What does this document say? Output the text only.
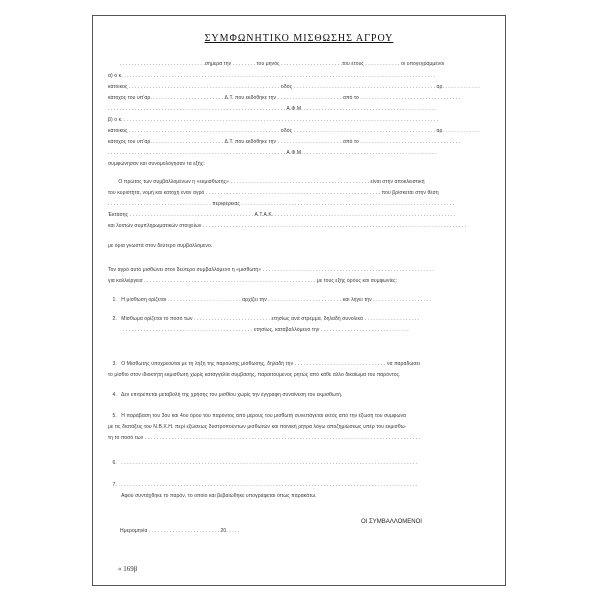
ΣΥΜΦΩΝΗΤΙΚΟ ΜΙΣΘΩΣΗΣ ΑΓΡΟΥ
. . . . . . . . . . . . . . . . . . . . . . . . . . . . .σήμερα την . . . . . . . . του μηνός . . . . . . . . . . . . . . . . . . . . .του έτους . . . . . . . . . . . . οι υπογεγραμμένοι
α) ο κ. . . . . . . . . . . . . . . . . . . . . . . . . . . . . . . . . . . . . . . . . . . . . . . . . . . . . . . . . . . . . . . . . . . . . . . . . . . . . . . . . . . . . . . . . . . . . . . . . . . . . . . . . .
κάτοικος . . . . . . . . . . . . . . . . . . . . . . . . . . . . . . . . . . . . . . . . . . . . . . . . . . . οδός . . . . . . . . . . . . . . . . . . . . . . . . . . . . . . . . . . . . . . . . . . . . . . . . αρ. . . . . . . . . . . . .
κάτοχος του υπ'αρ. . . . . . . . . . . . . . . . . . . . . . . . . Δ.Τ. που εκδόθηκε την . . . . . . . . . . . . . . . . . . . . . . από το . . . . . . . . . . . . . . . . . . . . . . . . . . . . . . . . . .
. . . . . . . . . . . . . . . . . . . . . . . . . . . . . . . . . . . . . . . . . . . . . . . . . . . . . . . . . . . . Α.Φ.Μ. . . . . . . . . . . . . . . . . . . . . . . . . . . . . . . . . . . . . . . . . . . . . .
β) ο κ. . . . . . . . . . . . . . . . . . . . . . . . . . . . . . . . . . . . . . . . . . . . . . . . . . . . . . . . . . . . . . . . . . . . . . . . . . . . . . . . . . . . . . . . . . . . . . . . . . . . . . . . . . .
κάτοικος . . . . . . . . . . . . . . . . . . . . . . . . . . . . . . . . . . . . . . . . . . . . . . . . . . . οδός . . . . . . . . . . . . . . . . . . . . . . . . . . . . . . . . . . . . . . . . . . . . . . . . αρ. . . . . . . . . . . . .
κάτοχος του υπ'αρ. . . . . . . . . . . . . . . . . . . . . . . . . Δ.Τ. που εκδόθηκε την . . . . . . . . . . . . . . . . . . . . . . από το . . . . . . . . . . . . . . . . . . . . . . . . . . . . . . . . . .
. . . . . . . . . . . . . . . . . . . . . . . . . . . . . . . . . . . . . . . . . . . . . . . . . . . . . . . . . . . . Α.Φ.Μ. . . . . . . . . . . . . . . . . . . . . . . . . . . . . . . . . . . . . . . . . . . . . .
συμφώνησαν και συνομολόγησαν τα εξής:
Ο πρώτος των συμβαλλομένων η «εκμισθωτής» . . . . . . . . . . . . . . . . . . . . . . . . . . . . . . . . . . . . . . . . . . . . . . . είναι στην αποκλειστική
του κυριότητα, νομή και κατοχή έναν αγρό . . . . . . . . . . . . . . . . . . . . . . . . . . . . . . . . . . . . . . . . . . . . . . . . . . . . . . . . . . . που βρίσκεται στην θέση
. . . . . . . . . . . . . . . . . . . . . . . . . . . . . . . . . . . περιφέρειας . . . . . . . . . . . . . . . . . . . . . . . . . . . . . . . . . . . . . . . . . . . . . . . . . . . . . . . . . . . . . . . . . . . . . . . .
Έκτασης . . . . . . . . . . . . . . . . . . . . . . . . . . . . . . . . . . . . . . . . . . Α.Τ.Α.Κ. . . . . . . . . . . . . . . . . . . . . . . . . . . . . . . . . . . . . . . . . . . . . . . . . . . . . . . . . . . . . .
και λοιπών συμπληρωματικών στοιχείων . . . . . . . . . . . . . . . . . . . . . . . . . . . . . . . . . . . . . . . . . . . . . . . . . . . . . . . . . . . . . . . . . . . . . . . . . . . . . . . . . . . . . . . . .
με όρια γνωστά στον δεύτερο συμβαλλόμενο.
Τον αγρό αυτό μισθώνει στον δεύτερο συμβαλλόμενο η «μισθωτή» . . . . . . . . . . . . . . . . . . . . . . . . . . . . . . . . . . . . . . . . . . . . . . . . . . . . . . . . . .
για καλλιέργεια . . . . . . . . . . . . . . . . . . . . . . . . . . . . . . . . . . . . . . . . . . . . . . . . . . . . . . . . . . με τους εξής όρους και συμφωνίες:
1.   Η μίσθωση ορίζεται . . . . . . . . . . . . . . . . . . . . . . . . . αρχίζει την . . . . . . . . . . . . . . . . . . . . . . . . . και λήγει την . . . . . . . . . . . . . . . . . . . .
2.   Μίσθωμα ορίζεται το ποσό των . . . . . . . . . . . . . . . . . . . . . . . . . . ετησίως ανά στρέμμα, δηλαδή συνολικά . . . . . . . . . . . . . . . . . . .
. . . . . . . . . . . . . . . . . . . . . . . . . . . . . . . . . . . . . . . . . . . . ετησίως, καταβαλλόμενο την . . . . . . . . . . . . . . . . . . . . . . . . . . . . . .
3.   Ο Μισθωτής υποχρεούται με τη λήξη της παρούσης μίσθωσης, δηλαδή την . . . . . . . . . . . . . . . . . . . . . . . . . . . . . . . να παραδώσει
το μίσθιο στον ιδιοκτήτη εκμισθωτή χωρίς καταγγελία σύμβασης, παραιτούμενος ρητώς από κάθε άλλο δικαίωμα του παρόντος.
4.   Δεν επιτρέπεται μεταβολή της χρήσης του μισθίου χωρίς την έγγραφη συναίνεση του εκμισθωτή.
5.   Η παράβαση του 3ου και 4ου όρου του παρόντος από μέρους του μισθωτή συνεπάγεται εκτός από την έξωση του συμφωνα
με τις διατάξεις του Ν.Β.Χ.Η. περί εξώσεως δυστροπούντων μισθωτών και ποινική ρήτρα λόγω αποζημιώσεως υπέρ του εκμισθω-
τη το ποσό των . . . . . . . . . . . . . . . . . . . . . . . . . . . . . . . . . . . . . . . . . . . . . . . . . . . . . . . . . . . . . . . . . . . . . . . . . . . . . . . . . . . . . . . . . . . . .
6.   . . . . . . . . . . . . . . . . . . . . . . . . . . . . . . . . . . . . . . . . . . . . . . . . . . . . . . . . . . . . . . . . . . . . . . . . . . . . . . . . . . . . . . . . . . . . . . . . . . . .
7.   . . . . . . . . . . . . . . . . . . . . . . . . . . . . . . . . . . . . . . . . . . . . . . . . . . . . . . . . . . . . . . . . . . . . . . . . . . . . . . . . . . . . . . . . . . . . . . . . . . . .
Αφού συντάχθηκε το παρόν, το οποίο και βεβαιώθηκε υπογράφεται όπως παρακάτω.
ΟΙ ΣΥΜΒΑΛΛΟΜΕΝΟΙ
Ημερομηνία . . . . . . . . . . . . . . . . . . . . . . . . 20. . . . .
« 169β
